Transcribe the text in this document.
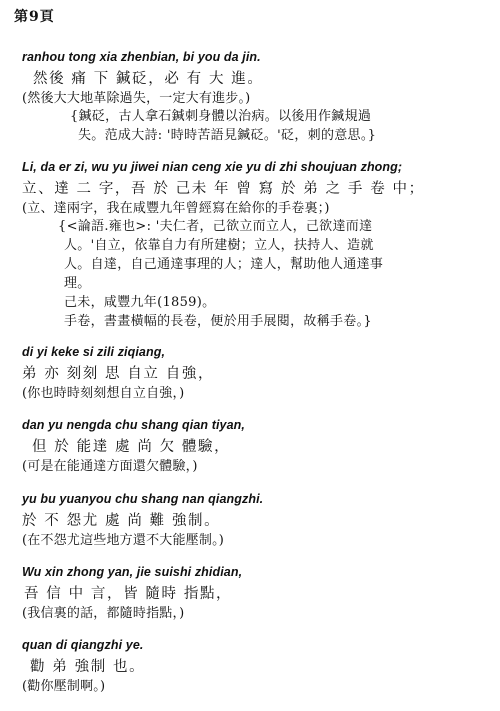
第9頁
ranhou tong xia zhenbian, bi you da jin.
然後 痛 下 鍼砭，必 有 大 進。
(然後大大地革除過失，一定大有進步。)
{鍼砭，古人拿石鍼刺身體以治病。以後用作鍼規過
失。范成大詩: '時時苦語見鍼砭。'砭，刺的意思。}
Li, da er zi, wu yu jiwei nian ceng xie yu di zhi shoujuan zhong;
立、達 二 字，吾 於 己未 年 曾 寫 於 弟 之 手 卷 中；
(立、達兩字，我在咸豐九年曾經寫在給你的手卷裏；)
{<論語.雍也>: '夫仁者，己欲立而立人，己欲達而達
人。'自立，依靠自力有所建樹；立人，扶持人、造就
人。自達，自己通達事理的人；達人，幫助他人通達事
理。
己未，咸豐九年(1859)。
手卷，書畫橫幅的長卷，便於用手展閱，故稱手卷。}
di yi keke si zili ziqiang,
弟 亦 刻刻 思 自立 自強，
(你也時時刻刻想自立自強，)
dan yu nengda chu shang qian tiyan,
但 於 能達 處 尚 欠 體驗，
(可是在能通達方面還欠體驗，)
yu bu yuanyou chu shang nan qiangzhi.
於 不 怨尤 處 尚 難 強制。
(在不怨尤這些地方還不大能壓制。)
Wu xin zhong yan, jie suishi zhidian,
吾 信 中 言，皆 隨時 指點，
(我信裏的話，都隨時指點，)
quan di qiangzhi ye.
勸 弟 強制 也。
(勸你壓制啊。)
